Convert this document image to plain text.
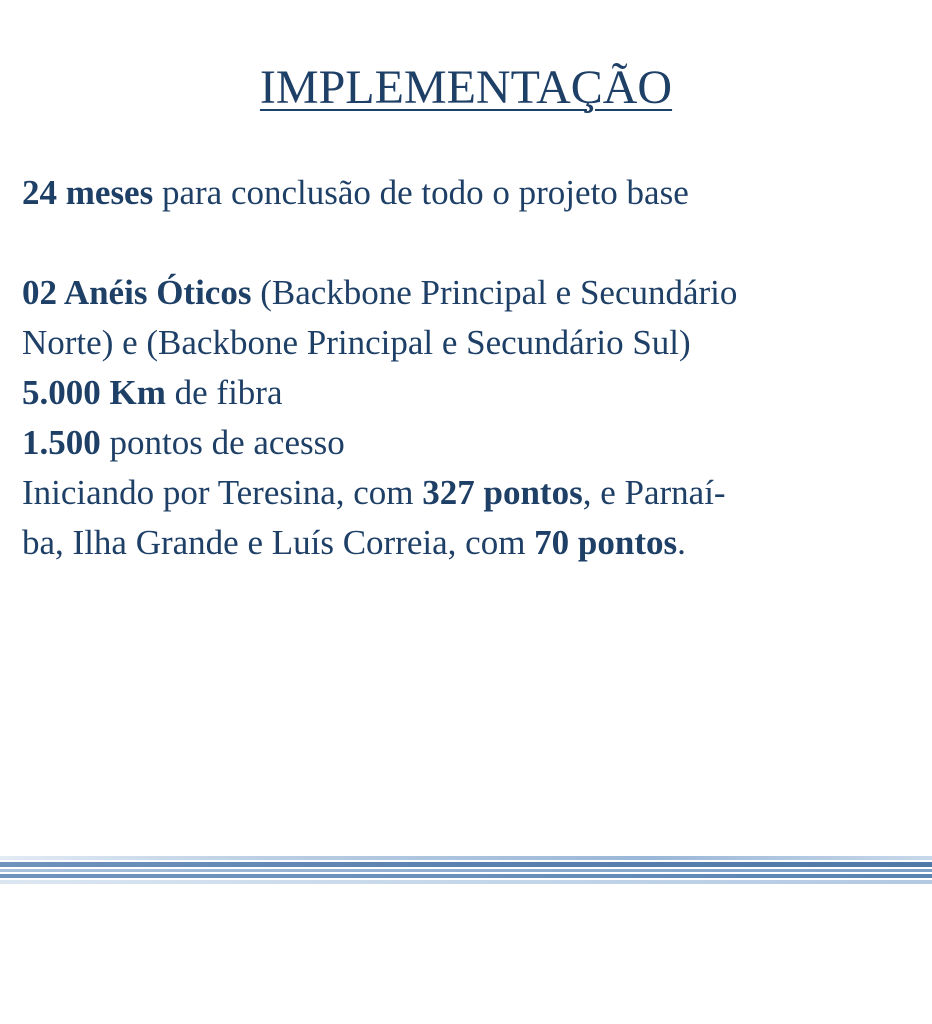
IMPLEMENTAÇÃO

24 meses para conclusão de todo o projeto base

02 Anéis Óticos (Backbone Principal e Secundário

Norte) e (Backbone Principal e Secundário Sul)

5.000 Km de fibra

1.500 pontos de acesso

Iniciando por Teresina, com 327 pontos, e Parnaí-

ba, Ilha Grande e Luís Correia, com 70 pontos.
